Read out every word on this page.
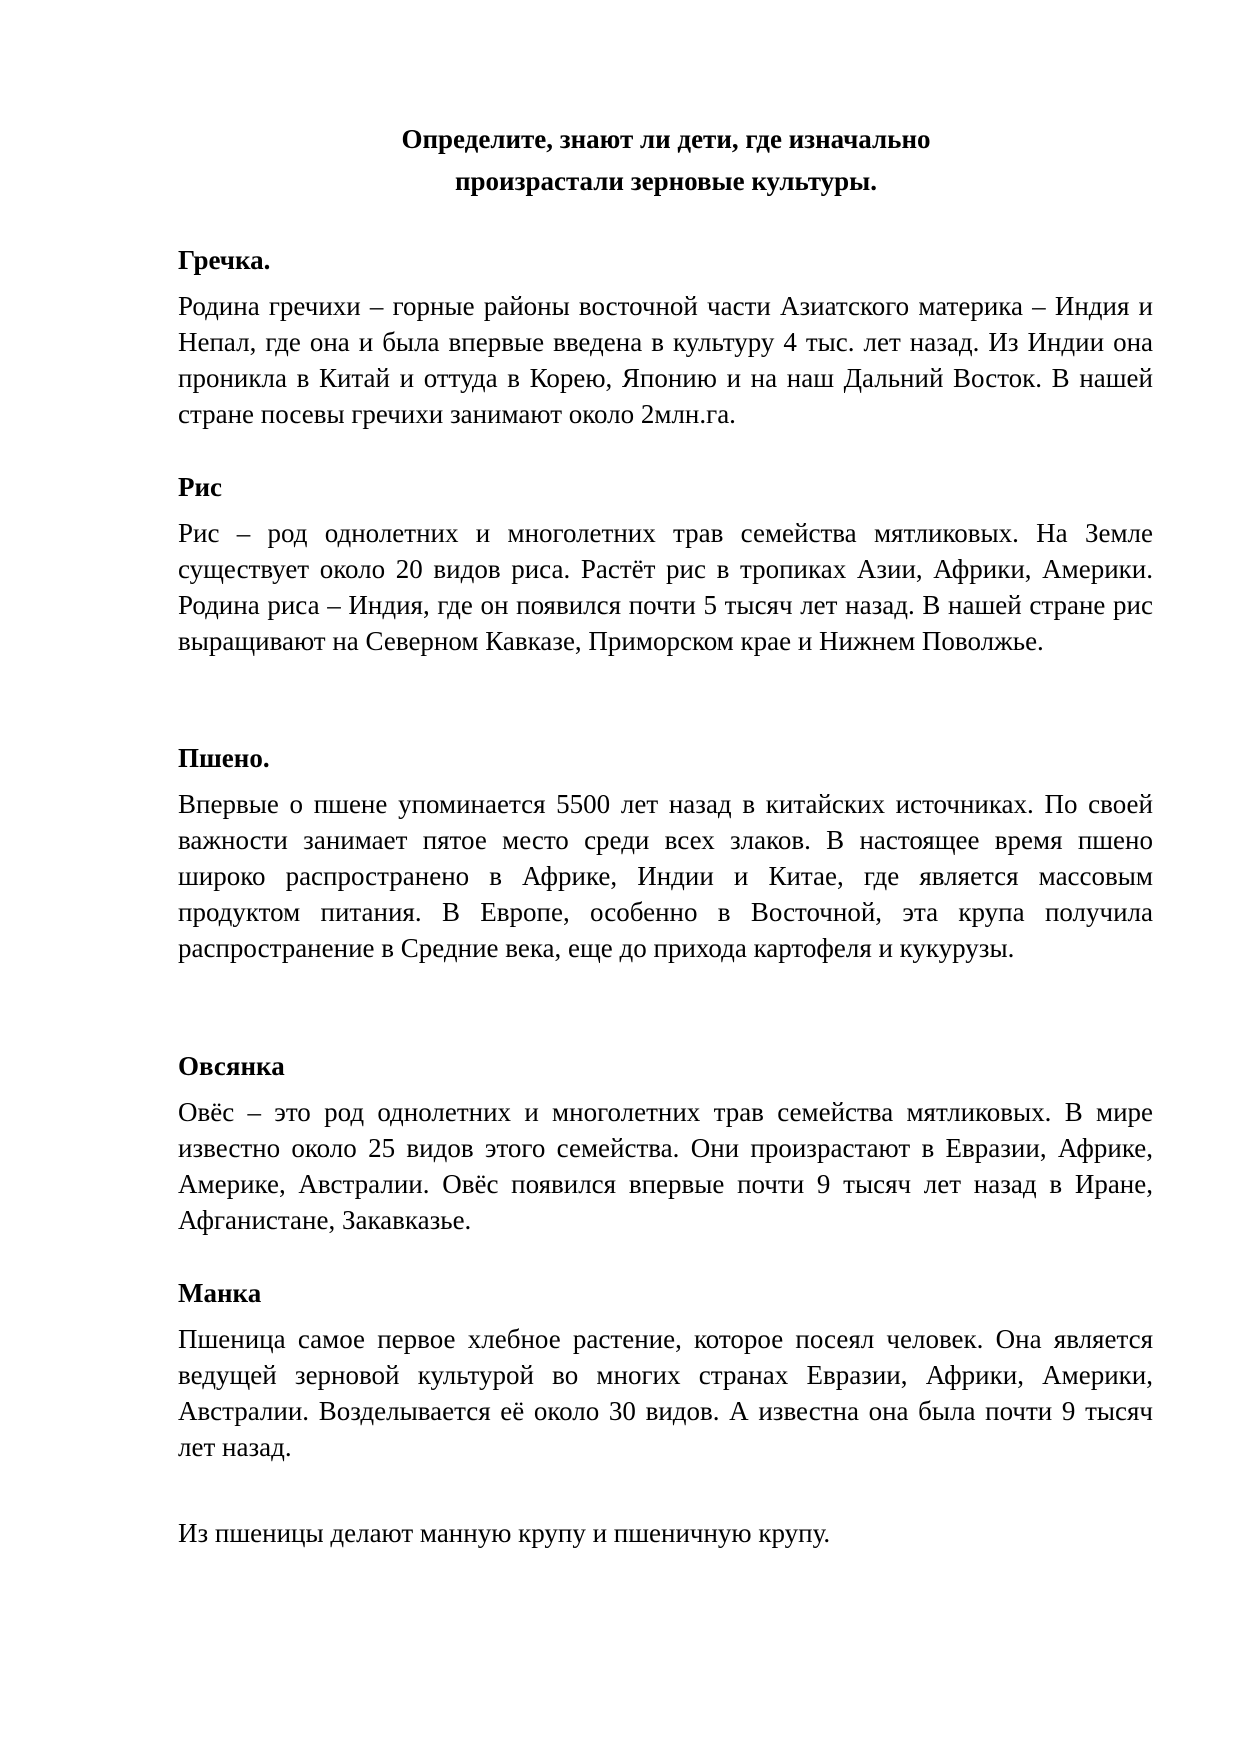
Определите, знают ли дети, где изначально
произрастали зерновые культуры.
Гречка.

Родина гречихи – горные районы восточной части Азиатского материка – Индия и Непал, где она и была впервые введена в культуру 4 тыс. лет назад. Из Индии она проникла в Китай и оттуда в Корею, Японию и на наш Дальний Восток. В нашей стране посевы гречихи занимают около 2млн.га.

Рис

Рис – род однолетних и многолетних трав семейства мятликовых. На Земле существует около 20 видов риса. Растёт рис в тропиках Азии, Африки, Америки. Родина риса – Индия, где он появился почти 5 тысяч лет назад. В нашей стране рис выращивают на Северном Кавказе, Приморском крае и Нижнем Поволжье.

Пшено.

Впервые о пшене упоминается 5500 лет назад в китайских источниках. По своей важности занимает пятое место среди всех злаков. В настоящее время пшено широко распространено в Африке, Индии и Китае, где является массовым продуктом питания. В Европе, особенно в Восточной, эта крупа получила распространение в Средние века, еще до прихода картофеля и кукурузы.

Овсянка

Овёс – это род однолетних и многолетних трав семейства мятликовых. В мире известно около 25 видов этого семейства. Они произрастают в Евразии, Африке, Америке, Австралии. Овёс появился впервые почти 9 тысяч лет назад в Иране, Афганистане, Закавказье.

Манка

Пшеница самое первое хлебное растение, которое посеял человек. Она является ведущей зерновой культурой во многих странах Евразии, Африки, Америки, Австралии. Возделывается её около 30 видов. А известна она была почти 9 тысяч лет назад.

Из пшеницы делают манную крупу и пшеничную крупу.
